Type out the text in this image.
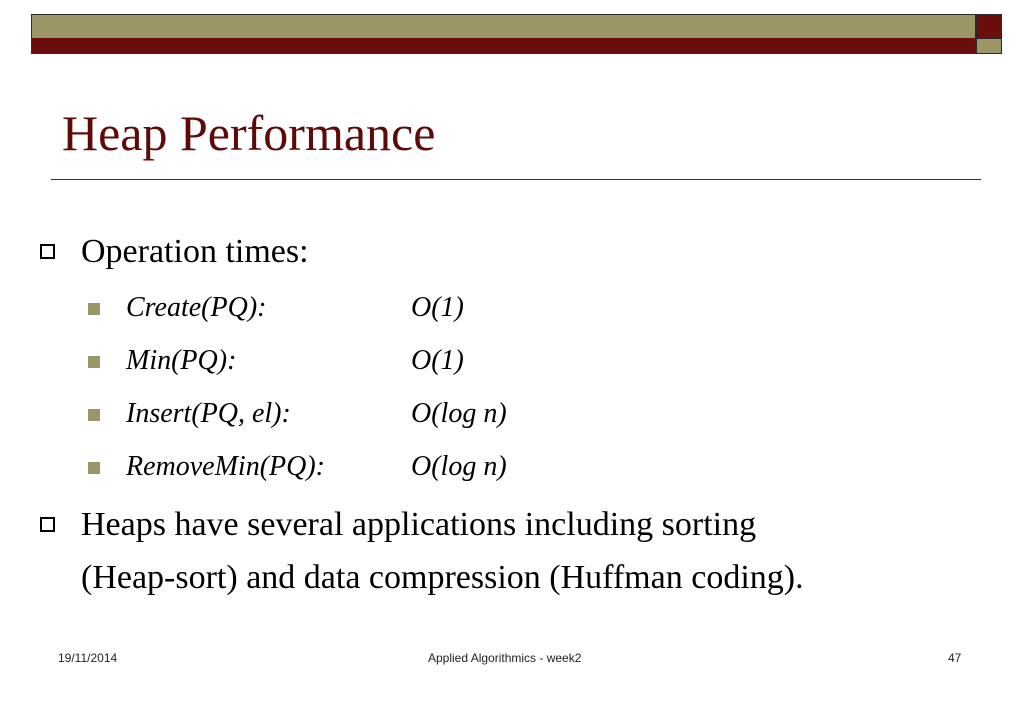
Heap Performance
Operation times:
Create(PQ):	O(1)
Min(PQ):	O(1)
Insert(PQ, el):	O(log n)
RemoveMin(PQ):	O(log n)
Heaps have several applications including sorting
(Heap-sort) and data compression (Huffman coding).
19/11/2014	Applied Algorithmics - week2	47
